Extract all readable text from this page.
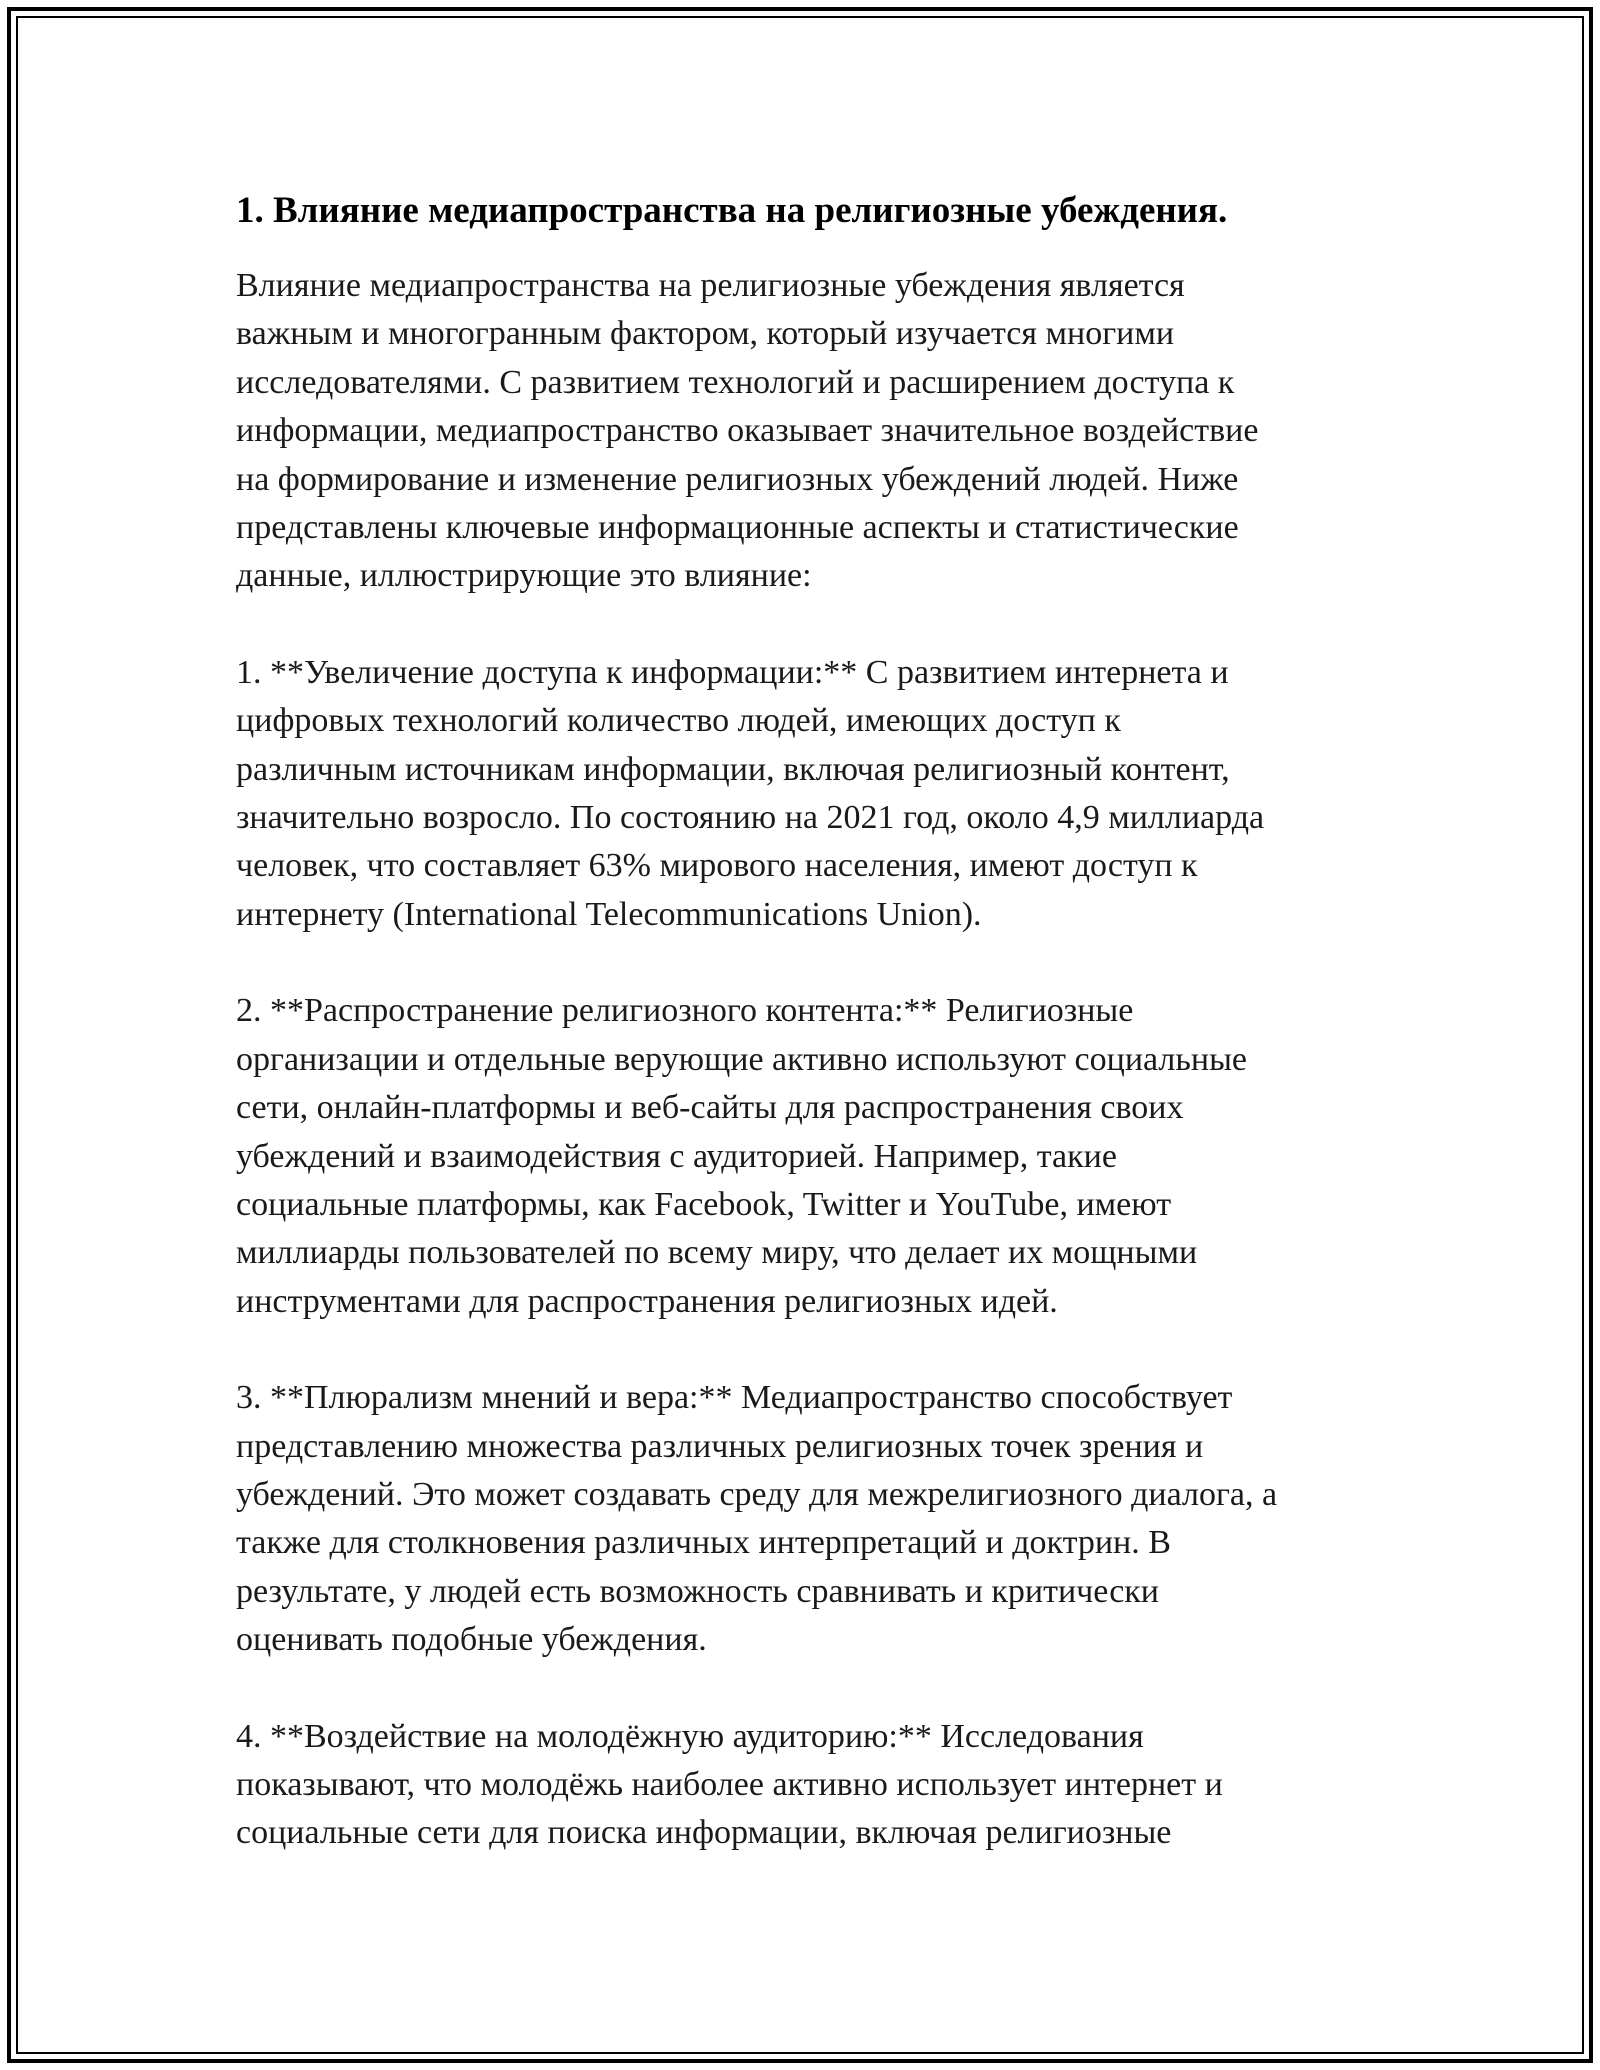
1. Влияние медиапространства на религиозные убеждения.

Влияние медиапространства на религиозные убеждения является
важным и многогранным фактором, который изучается многими
исследователями. С развитием технологий и расширением доступа к
информации, медиапространство оказывает значительное воздействие
на формирование и изменение религиозных убеждений людей. Ниже
представлены ключевые информационные аспекты и статистические
данные, иллюстрирующие это влияние:

1. **Увеличение доступа к информации:** С развитием интернета и
цифровых технологий количество людей, имеющих доступ к
различным источникам информации, включая религиозный контент,
значительно возросло. По состоянию на 2021 год, около 4,9 миллиарда
человек, что составляет 63% мирового населения, имеют доступ к
интернету (International Telecommunications Union).

2. **Распространение религиозного контента:** Религиозные
организации и отдельные верующие активно используют социальные
сети, онлайн-платформы и веб-сайты для распространения своих
убеждений и взаимодействия с аудиторией. Например, такие
социальные платформы, как Facebook, Twitter и YouTube, имеют
миллиарды пользователей по всему миру, что делает их мощными
инструментами для распространения религиозных идей.

3. **Плюрализм мнений и вера:** Медиапространство способствует
представлению множества различных религиозных точек зрения и
убеждений. Это может создавать среду для межрелигиозного диалога, а
также для столкновения различных интерпретаций и доктрин. В
результате, у людей есть возможность сравнивать и критически
оценивать подобные убеждения.

4. **Воздействие на молодёжную аудиторию:** Исследования
показывают, что молодёжь наиболее активно использует интернет и
социальные сети для поиска информации, включая религиозные
